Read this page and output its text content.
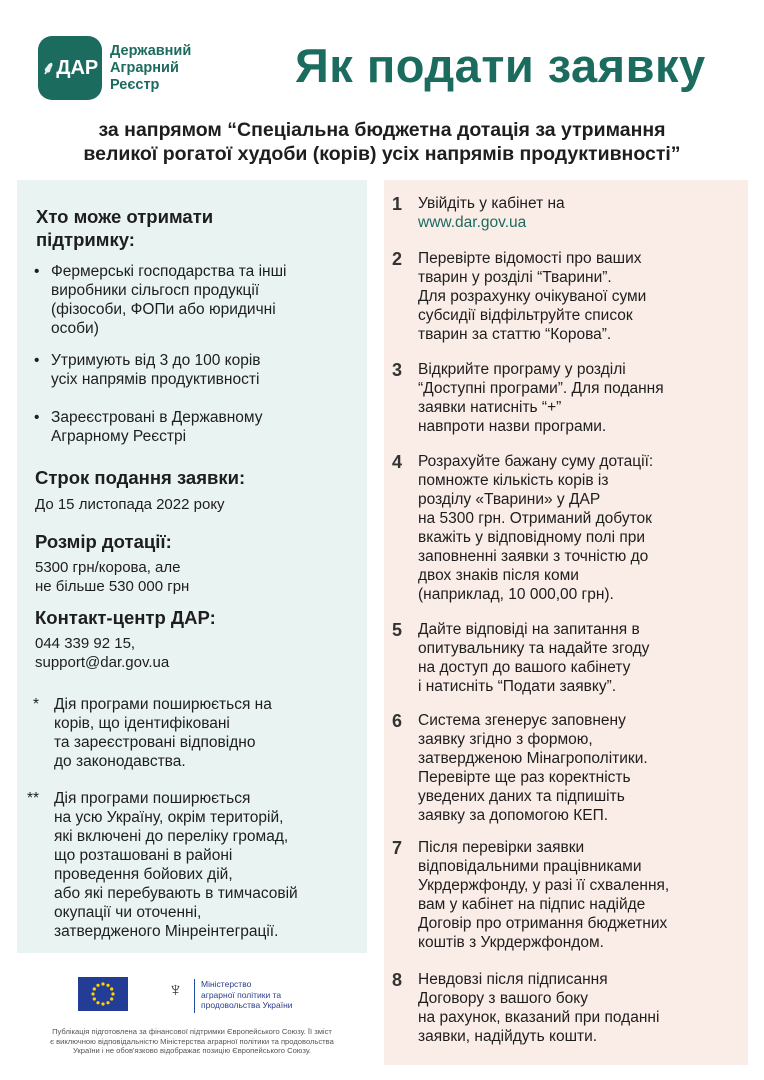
⸙ ДАР
Державний
Аграрний
Реєстр	Як подати заявку
за напрямом “Спеціальна бюджетна дотація за утримання
великої рогатої худоби (корів) усіх напрямів продуктивності”
Хто може отримати
підтримку:
• Фермерські господарства та інші
виробники сільгосп продукції
(фізособи, ФОПи або юридичні
особи)
• Утримують від 3 до 100 корів
усіх напрямів продуктивності
• Зареєстровані в Державному
Аграрному Реєстрі
Строк подання заявки:
До 15 листопада 2022 року
Розмір дотації:
5300 грн/корова, але
не більше 530 000 грн
Контакт-центр ДАР:
044 339 92 15,
support@dar.gov.ua
* Дія програми поширюється на
корів, що ідентифіковані
та зареєстровані відповідно
до законодавства.
** Дія програми поширюється
на усю Україну, окрім територій,
які включені до переліку громад,
що розташовані в районі
проведення бойових дій,
або які перебувають в тимчасовій
окупації чи оточенні,
затвердженого Мінреінтеграції.
1 Увійдіть у кабінет на
www.dar.gov.ua
2 Перевірте відомості про ваших
тварин у розділі “Тварини”.
Для розрахунку очікуваної суми
субсидії відфільтруйте список
тварин за статтю “Корова”.
3 Відкрийте програму у розділі
“Доступні програми”. Для подання
заявки натисніть “+”
навпроти назви програми.
4 Розрахуйте бажану суму дотації:
помножте кількість корів із
розділу «Тварини» у ДАР
на 5300 грн. Отриманий добуток
вкажіть у відповідному полі при
заповненні заявки з точністю до
двох знаків після коми
(наприклад, 10 000,00 грн).
5 Дайте відповіді на запитання в
опитувальнику та надайте згоду
на доступ до вашого кабінету
і натисніть “Подати заявку”.
6 Система згенерує заповнену
заявку згідно з формою,
затвердженою Мінагрополітики.
Перевірте ще раз коректність
уведених даних та підпишіть
заявку за допомогою КЕП.
7 Після перевірки заявки
відповідальними працівниками
Укрдержфонду, у разі її схвалення,
вам у кабінет на підпис надійде
Договір про отримання бюджетних
коштів з Укрдержфондом.
8 Невдовзі після підписання
Договору з вашого боку
на рахунок, вказаний при поданні
заявки, надійдуть кошти.
♆	Міністерство
аграрної політики та
продовольства України
Публікація підготовлена за фінансової підтримки Європейського Союзу. Її зміст
є виключною відповідальністю Міністерства аграрної політики та продовольства
України і не обов'язково відображає позицію Європейського Союзу.
